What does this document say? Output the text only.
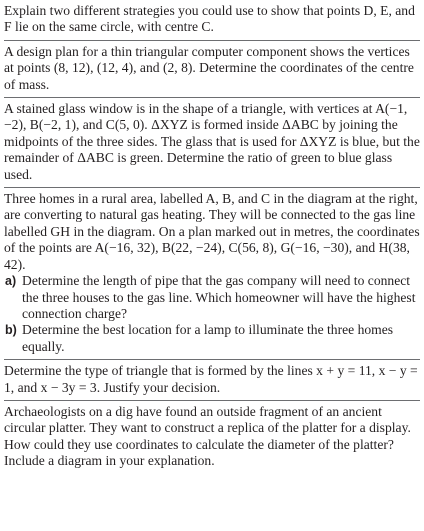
Explain two different strategies you could use to show that points D, E, and F lie on the same circle, with centre C.

A design plan for a thin triangular computer component shows the vertices at points (8, 12), (12, 4), and (2, 8). Determine the coordinates of the centre of mass.

A stained glass window is in the shape of a triangle, with vertices at A(−1, −2), B(−2, 1), and C(5, 0). ΔXYZ is formed inside ΔABC by joining the midpoints of the three sides. The glass that is used for ΔXYZ is blue, but the remainder of ΔABC is green. Determine the ratio of green to blue glass used.

Three homes in a rural area, labelled A, B, and C in the diagram at the right, are converting to natural gas heating. They will be connected to the gas line labelled GH in the diagram. On a plan marked out in metres, the coordinates of the points are A(−16, 32), B(22, −24), C(56, 8), G(−16, −30), and H(38, 42).

a) Determine the length of pipe that the gas company will need to connect the three houses to the gas line. Which homeowner will have the highest connection charge?
b) Determine the best location for a lamp to illuminate the three homes equally.

Determine the type of triangle that is formed by the lines x + y = 11, x − y = 1, and x − 3y = 3. Justify your decision.

Archaeologists on a dig have found an outside fragment of an ancient circular platter. They want to construct a replica of the platter for a display. How could they use coordinates to calculate the diameter of the platter? Include a diagram in your explanation.
